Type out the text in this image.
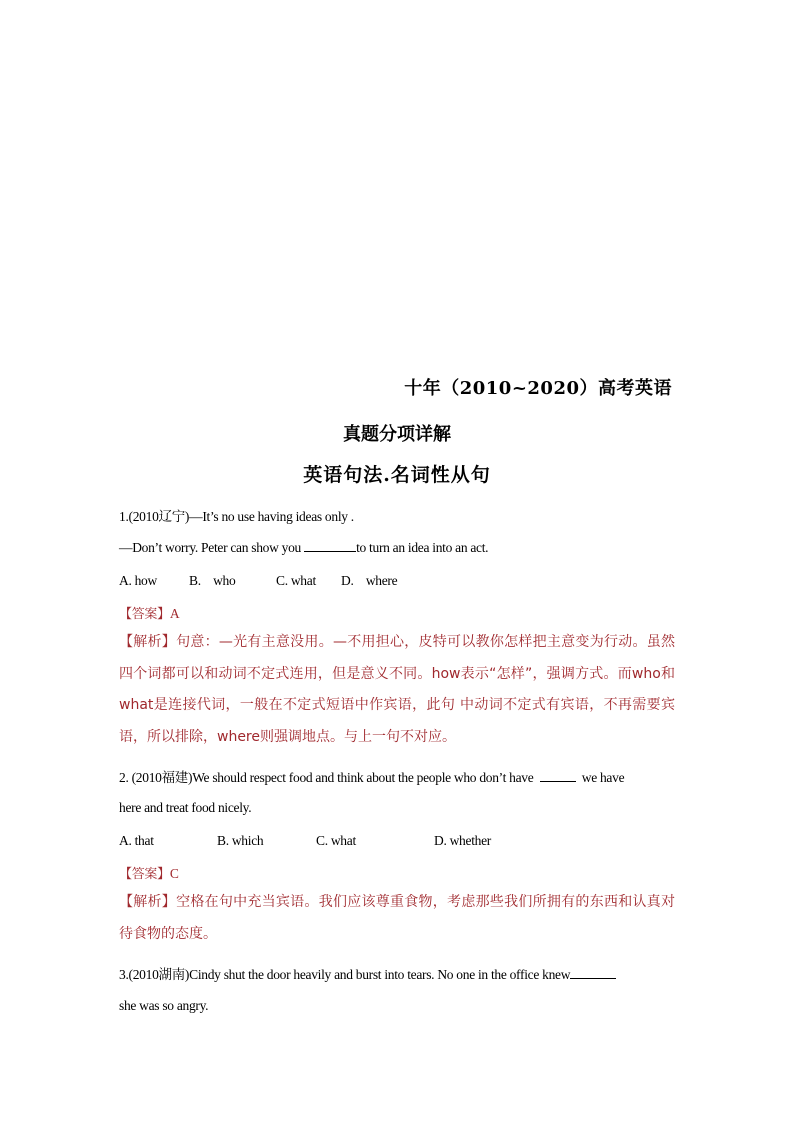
十年（2010~2020）高考英语
真题分项详解
英语句法.名词性从句
1.(2010辽宁)—It’s no use having ideas only .
—Don’t worry. Peter can show you	to turn an idea into an act.
A. how B.    who	C. what D.    where
【答案】A
【解析】句意：—光有主意没用。—不用担心，皮特可以教你怎样把主意变为行动。虽然四个词都可以和动词不定式连用，但是意义不同。how表示“怎样”，强调方式。而who和what是连接代词，一般在不定式短语中作宾语，此句 中动词不定式有宾语，不再需要宾语，所以排除，where则强调地点。与上一句不对应。
2. (2010福建)We should respect food and think about the people who don’t have	we have
here and treat food nicely.
A. that	B. which	C. what	D. whether
【答案】C
【解析】空格在句中充当宾语。我们应该尊重食物，考虑那些我们所拥有的东西和认真对待食物的态度。
3.(2010湖南)Cindy shut the door heavily and burst into tears. No one in the office knew
she was so angry.
